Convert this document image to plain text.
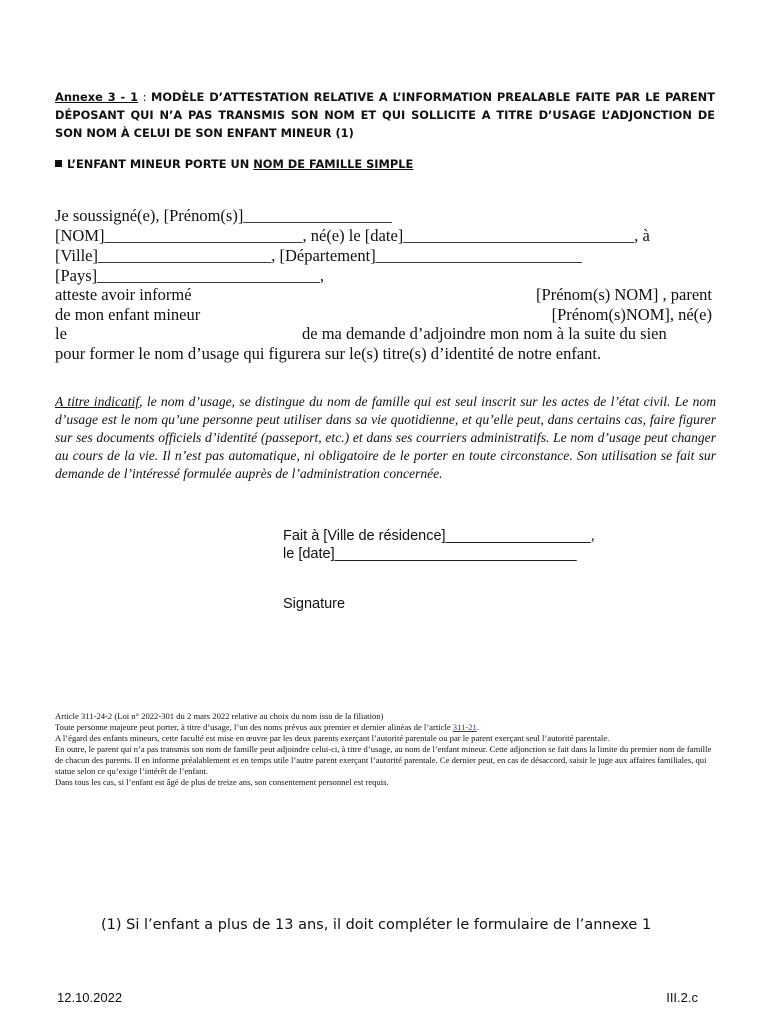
Annexe 3 - 1 : MODÈLE D’ATTESTATION RELATIVE A L’INFORMATION PREALABLE FAITE PAR LE PARENT DÉPOSANT QUI N’A PAS TRANSMIS SON NOM ET QUI SOLLICITE A TITRE D’USAGE L’ADJONCTION DE SON NOM À CELUI DE SON ENFANT MINEUR (1)
L’ENFANT MINEUR PORTE UN NOM DE FAMILLE SIMPLE
Je soussigné(e), [Prénom(s)]__________________
[NOM]________________________, né(e) le [date]____________________________, à
[Ville]_____________________, [Département]_________________________
[Pays]___________________________,
atteste avoir informé	[Prénom(s) NOM] , parent
de mon enfant mineur	[Prénom(s)NOM], né(e)
le	de ma demande d’adjoindre mon nom à la suite du sien
pour former le nom d’usage qui figurera sur le(s) titre(s) d’identité de notre enfant.
A titre indicatif, le nom d’usage, se distingue du nom de famille qui est seul inscrit sur les actes de l’état civil. Le nom d’usage est le nom qu’une personne peut utiliser dans sa vie quotidienne, et qu’elle peut, dans certains cas, faire figurer sur ses documents officiels d’identité (passeport, etc.) et dans ses courriers administratifs. Le nom d’usage peut changer au cours de la vie. Il n’est pas automatique, ni obligatoire de le porter en toute circonstance. Son utilisation se fait sur demande de l’intéressé formulée auprès de l’administration concernée.
Fait à [Ville de résidence]__________________,
le [date]______________________________
Signature

Article 311-24-2 (Loi n° 2022-301 du 2 mars 2022 relative au choix du nom issu de la filiation)

Toute personne majeure peut porter, à titre d’usage, l’un des noms prévus aux premier et dernier alinéas de l’article 311-21.

A l’égard des enfants mineurs, cette faculté est mise en œuvre par les deux parents exerçant l’autorité parentale ou par le parent exerçant seul l’autorité parentale.

En outre, le parent qui n’a pas transmis son nom de famille peut adjoindre celui-ci, à titre d’usage, au nom de l’enfant mineur. Cette adjonction se fait dans la limite du premier nom de famille de chacun des parents. Il en informe préalablement et en temps utile l’autre parent exerçant l’autorité parentale. Ce dernier peut, en cas de désaccord, saisir le juge aux affaires familiales, qui statue selon ce qu’exige l’intérêt de l’enfant.

Dans tous les cas, si l’enfant est âgé de plus de treize ans, son consentement personnel est requis.

(1) Si l’enfant a plus de 13 ans, il doit compléter le formulaire de l’annexe 1
12.10.2022	III.2.c
